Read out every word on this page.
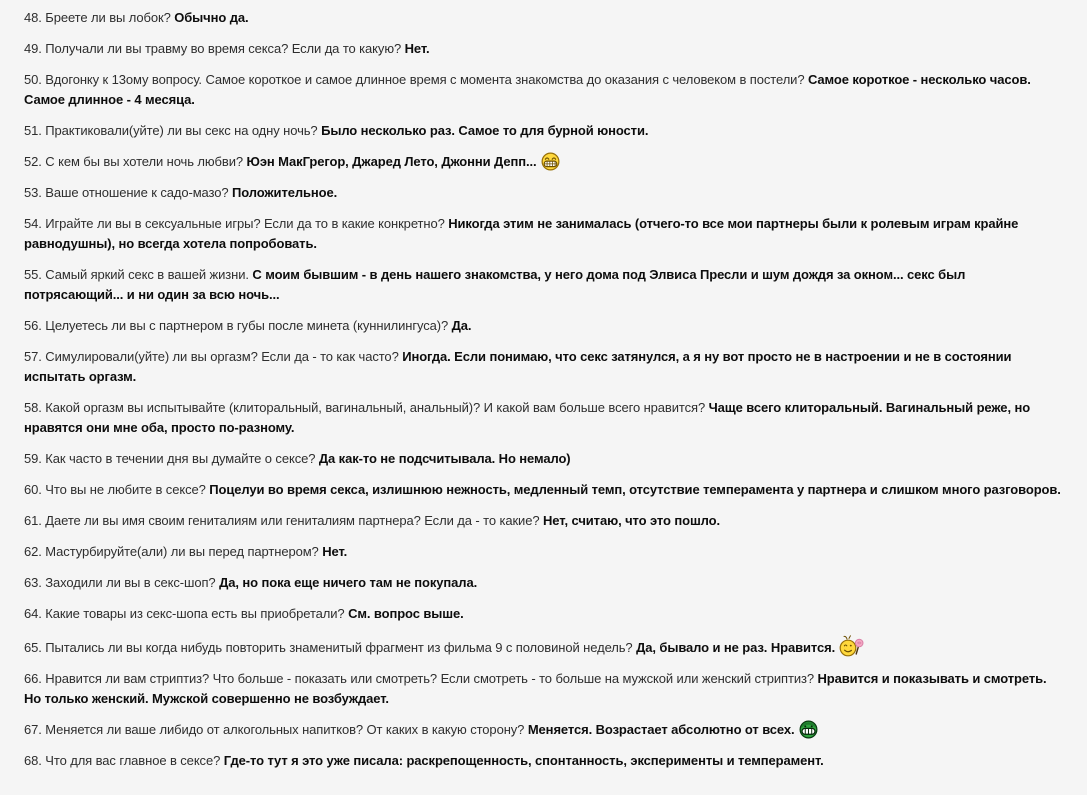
48. Бреете ли вы лобок? Обычно да.

49. Получали ли вы травму во время секса? Если да то какую? Нет.

50. Вдогонку к 13ому вопросу. Самое короткое и самое длинное время с момента знакомства до оказания с человеком в постели? Самое короткое - несколько часов. Самое длинное - 4 месяца.

51. Практиковали(уйте) ли вы секс на одну ночь? Было несколько раз. Самое то для бурной юности.

52. С кем бы вы хотели ночь любви? Юэн МакГрегор, Джаред Лето, Джонни Депп...

53. Ваше отношение к садо-мазо? Положительное.

54. Играйте ли вы в сексуальные игры? Если да то в какие конкретно? Никогда этим не занималась (отчего-то все мои партнеры были к ролевым играм крайне равнодушны), но всегда хотела попробовать.

55. Самый яркий секс в вашей жизни. С моим бывшим - в день нашего знакомства, у него дома под Элвиса Пресли и шум дождя за окном... секс был потрясающий... и ни один за всю ночь...

56. Целуетесь ли вы с партнером в губы после минета (куннилингуса)? Да.

57. Симулировали(уйте) ли вы оргазм? Если да - то как часто? Иногда. Если понимаю, что секс затянулся, а я ну вот просто не в настроении и не в состоянии испытать оргазм.

58. Какой оргазм вы испытывайте (клиторальный, вагинальный, анальный)? И какой вам больше всего нравится? Чаще всего клиторальный. Вагинальный реже, но нравятся они мне оба, просто по-разному.

59. Как часто в течении дня вы думайте о сексе? Да как-то не подсчитывала. Но немало)

60. Что вы не любите в сексе? Поцелуи во время секса, излишнюю нежность, медленный темп, отсутствие темперамента у партнера и слишком много разговоров.

61. Даете ли вы имя своим гениталиям или гениталиям партнера? Если да - то какие? Нет, считаю, что это пошло.

62. Мастурбируйте(али) ли вы перед партнером? Нет.

63. Заходили ли вы в секс-шоп? Да, но пока еще ничего там не покупала.

64. Какие товары из секс-шопа есть вы приобретали? См. вопрос выше.

65. Пытались ли вы когда нибудь повторить знаменитый фрагмент из фильма 9 с половиной недель? Да, бывало и не раз. Нравится.

66. Нравится ли вам стриптиз? Что больше - показать или смотреть? Если смотреть - то больше на мужской или женский стриптиз? Нравится и показывать и смотреть. Но только женский. Мужской совершенно не возбуждает.

67. Меняется ли ваше либидо от алкогольных напитков? От каких в какую сторону? Меняется. Возрастает абсолютно от всех.

68. Что для вас главное в сексе? Где-то тут я это уже писала: раскрепощенность, спонтанность, эксперименты и темперамент.
